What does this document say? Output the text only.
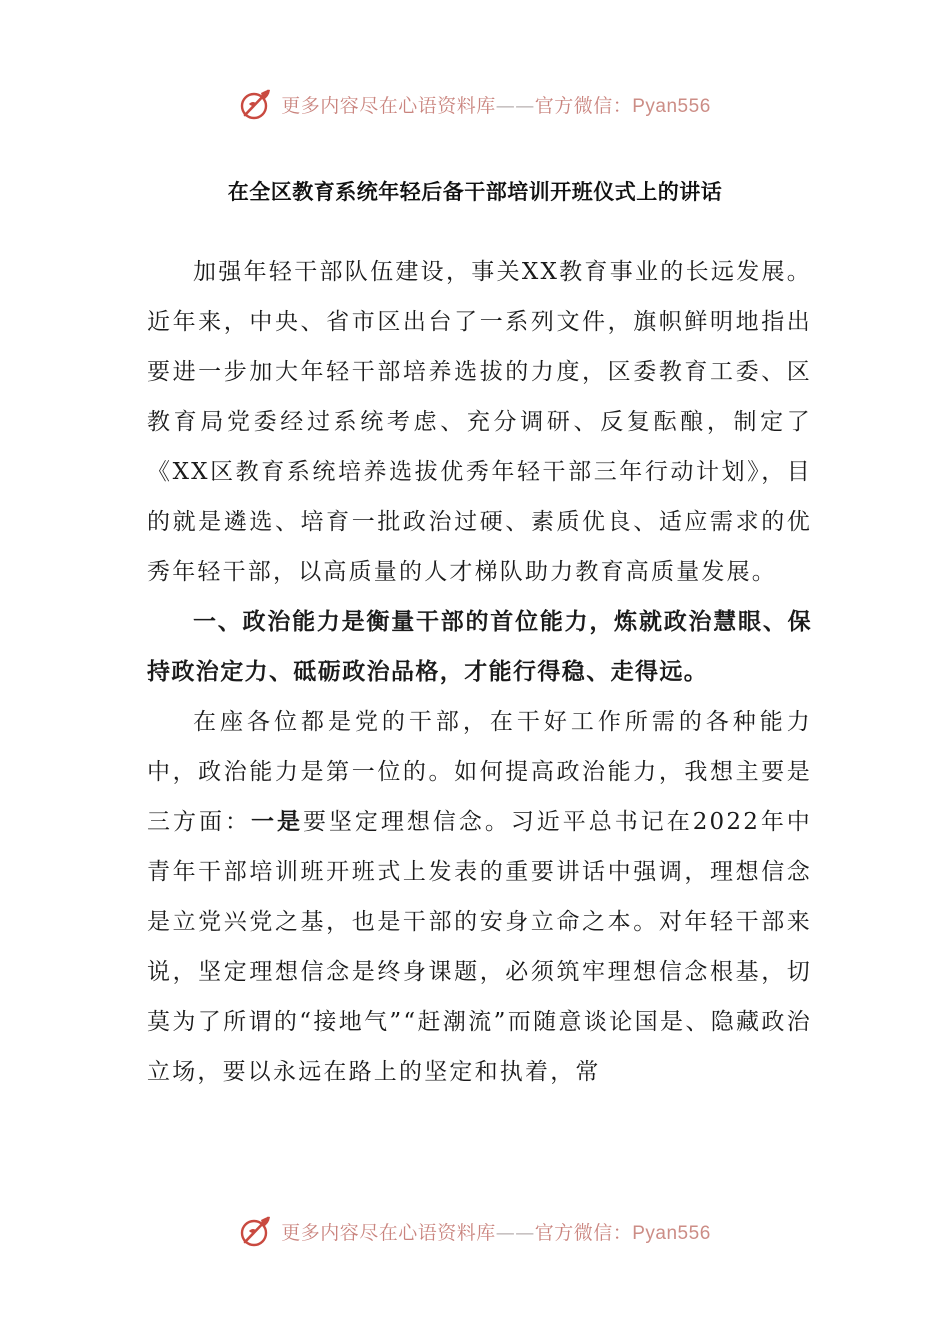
更多内容尽在心语资料库——官方微信：Pyan556
在全区教育系统年轻后备干部培训开班仪式上的讲话

加强年轻干部队伍建设，事关XX教育事业的长远发展。近年来，中央、省市区出台了一系列文件，旗帜鲜明地指出要进一步加大年轻干部培养选拔的力度，区委教育工委、区教育局党委经过系统考虑、充分调研、反复酝酿，制定了《XX区教育系统培养选拔优秀年轻干部三年行动计划》，目的就是遴选、培育一批政治过硬、素质优良、适应需求的优秀年轻干部，以高质量的人才梯队助力教育高质量发展。

一、政治能力是衡量干部的首位能力，炼就政治慧眼、保持政治定力、砥砺政治品格，才能行得稳、走得远。

在座各位都是党的干部，在干好工作所需的各种能力中，政治能力是第一位的。如何提高政治能力，我想主要是三方面：一是要坚定理想信念。习近平总书记在2022年中青年干部培训班开班式上发表的重要讲话中强调，理想信念是立党兴党之基，也是干部的安身立命之本。对年轻干部来说，坚定理想信念是终身课题，必须筑牢理想信念根基，切莫为了所谓的“接地气”“赶潮流”而随意谈论国是、隐藏政治立场，要以永远在路上的坚定和执着，常

更多内容尽在心语资料库——官方微信：Pyan556
